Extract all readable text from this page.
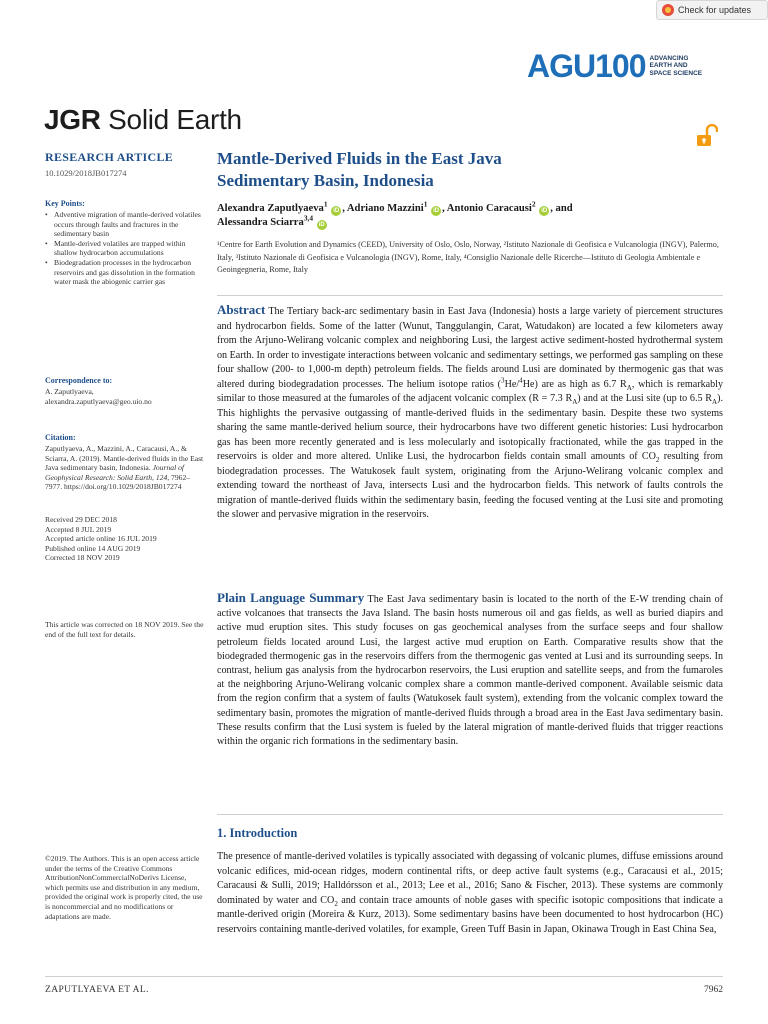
Check for updates
AGU100 ADVANCING
EARTH AND
SPACE SCIENCE
JGR Solid Earth
RESEARCH ARTICLE
10.1029/2018JB017274
Key Points:
• Adventive migration of mantle-derived volatiles occurs through faults and fractures in the sedimentary basin
• Mantle-derived volatiles are trapped within shallow hydrocarbon accumulations
• Biodegradation processes in the hydrocarbon reservoirs and gas dissolution in the formation water mask the abiogenic carrier gas
Correspondence to:
A. Zaputlyaeva,
alexandra.zaputlyaeva@geo.uio.no
Citation:
Zaputlyaeva, A., Mazzini, A., Caracausi, A., & Sciarra, A. (2019). Mantle-derived fluids in the East Java sedimentary basin, Indonesia. Journal of Geophysical Research: Solid Earth, 124, 7962–7977. https://doi.org/10.1029/2018JB017274
Received 29 DEC 2018
Accepted 8 JUL 2019
Accepted article online 16 JUL 2019
Published online 14 AUG 2019
Corrected 18 NOV 2019
This article was corrected on 18 NOV 2019. See the end of the full text for details.
©2019. The Authors. This is an open access article under the terms of the Creative Commons AttributionNonCommercialNoDerivs License, which permits use and distribution in any medium, provided the original work is properly cited, the use is noncommercial and no modifications or adaptations are made.
Mantle-Derived Fluids in the East Java
Sedimentary Basin, Indonesia
Alexandra Zaputlyaeva$^1$ iD , Adriano Mazzini$^1$ iD , Antonio Caracausi$^2$ iD , and
Alessandra Sciarra$^{3,4}$ iD
¹Centre for Earth Evolution and Dynamics (CEED), University of Oslo, Oslo, Norway, ²Istituto Nazionale di Geofisica e Vulcanologia (INGV), Palermo, Italy, ³Istituto Nazionale di Geofisica e Vulcanologia (INGV), Rome, Italy, ⁴Consiglio Nazionale delle Ricerche—Istituto di Geologia Ambientale e Geoingegneria, Rome, Italy
Abstract The Tertiary back-arc sedimentary basin in East Java (Indonesia) hosts a large variety of piercement structures and hydrocarbon fields. Some of the latter (Wunut, Tanggulangin, Carat, Watudakon) are located a few kilometers away from the Arjuno-Welirang volcanic complex and neighboring Lusi, the largest active sediment-hosted hydrothermal system on Earth. In order to investigate interactions between volcanic and sedimentary settings, we performed gas sampling on these four shallow (200- to 1,000-m depth) petroleum fields. The fields around Lusi are dominated by thermogenic gas that was altered during biodegradation processes. The helium isotope ratios ($^3$He/$^4$He) are as high as 6.7 $R_A$, which is remarkably similar to those measured at the fumaroles of the adjacent volcanic complex (R = 7.3 $R_A$) and at the Lusi site (up to 6.5 $R_A$). This highlights the pervasive outgassing of mantle-derived fluids in the sedimentary basin. Despite these two systems sharing the same mantle-derived helium source, their hydrocarbons have two different genetic histories: Lusi hydrocarbon gas has been more recently generated and is less molecularly and isotopically fractionated, while the gas trapped in the reservoirs is older and more altered. Unlike Lusi, the hydrocarbon fields contain small amounts of $CO_2$ resulting from biodegradation processes. The Watukosek fault system, originating from the Arjuno-Welirang volcanic complex and extending toward the northeast of Java, intersects Lusi and the hydrocarbon fields. This network of faults controls the migration of mantle-derived fluids within the sedimentary basin, feeding the focused venting at the Lusi site and promoting the slower and pervasive migration in the reservoirs.
Plain Language Summary The East Java sedimentary basin is located to the north of the E-W trending chain of active volcanoes that transects the Java Island. The basin hosts numerous oil and gas fields, as well as buried diapirs and active mud eruption sites. This study focuses on gas geochemical analyses from the surface seeps and four shallow petroleum fields located around Lusi, the largest active mud eruption on Earth. Comparative results show that the biodegraded thermogenic gas in the reservoirs differs from the thermogenic gas vented at Lusi and its surrounding seeps. In contrast, helium gas analysis from the hydrocarbon reservoirs, the Lusi eruption and satellite seeps, and from the fumaroles at the neighboring Arjuno-Welirang volcanic complex share a common mantle-derived component. Available seismic data from the region confirm that a system of faults (Watukosek fault system), extending from the volcanic complex toward the sedimentary basin, promotes the migration of mantle-derived fluids through a broad area in the East Java sedimentary basin. These results confirm that the Lusi system is fueled by the lateral migration of mantle-derived fluids that trigger reactions within the organic rich formations in the sedimentary basin.
1. Introduction
The presence of mantle-derived volatiles is typically associated with degassing of volcanic plumes, diffuse emissions around volcanic edifices, mid-ocean ridges, modern continental rifts, or deep active fault systems (e.g., Caracausi et al., 2015; Caracausi & Sulli, 2019; Halldórsson et al., 2013; Lee et al., 2016; Sano & Fischer, 2013). These systems are commonly dominated by water and $CO_2$ and contain trace amounts of noble gases with specific isotopic compositions that indicate a mantle-derived origin (Moreira & Kurz, 2013). Some sedimentary basins have been documented to host hydrocarbon (HC) reservoirs containing mantle-derived volatiles, for example, Green Tuff Basin in Japan, Okinawa Trough in East China Sea,
ZAPUTLYAEVA ET AL.	7962
